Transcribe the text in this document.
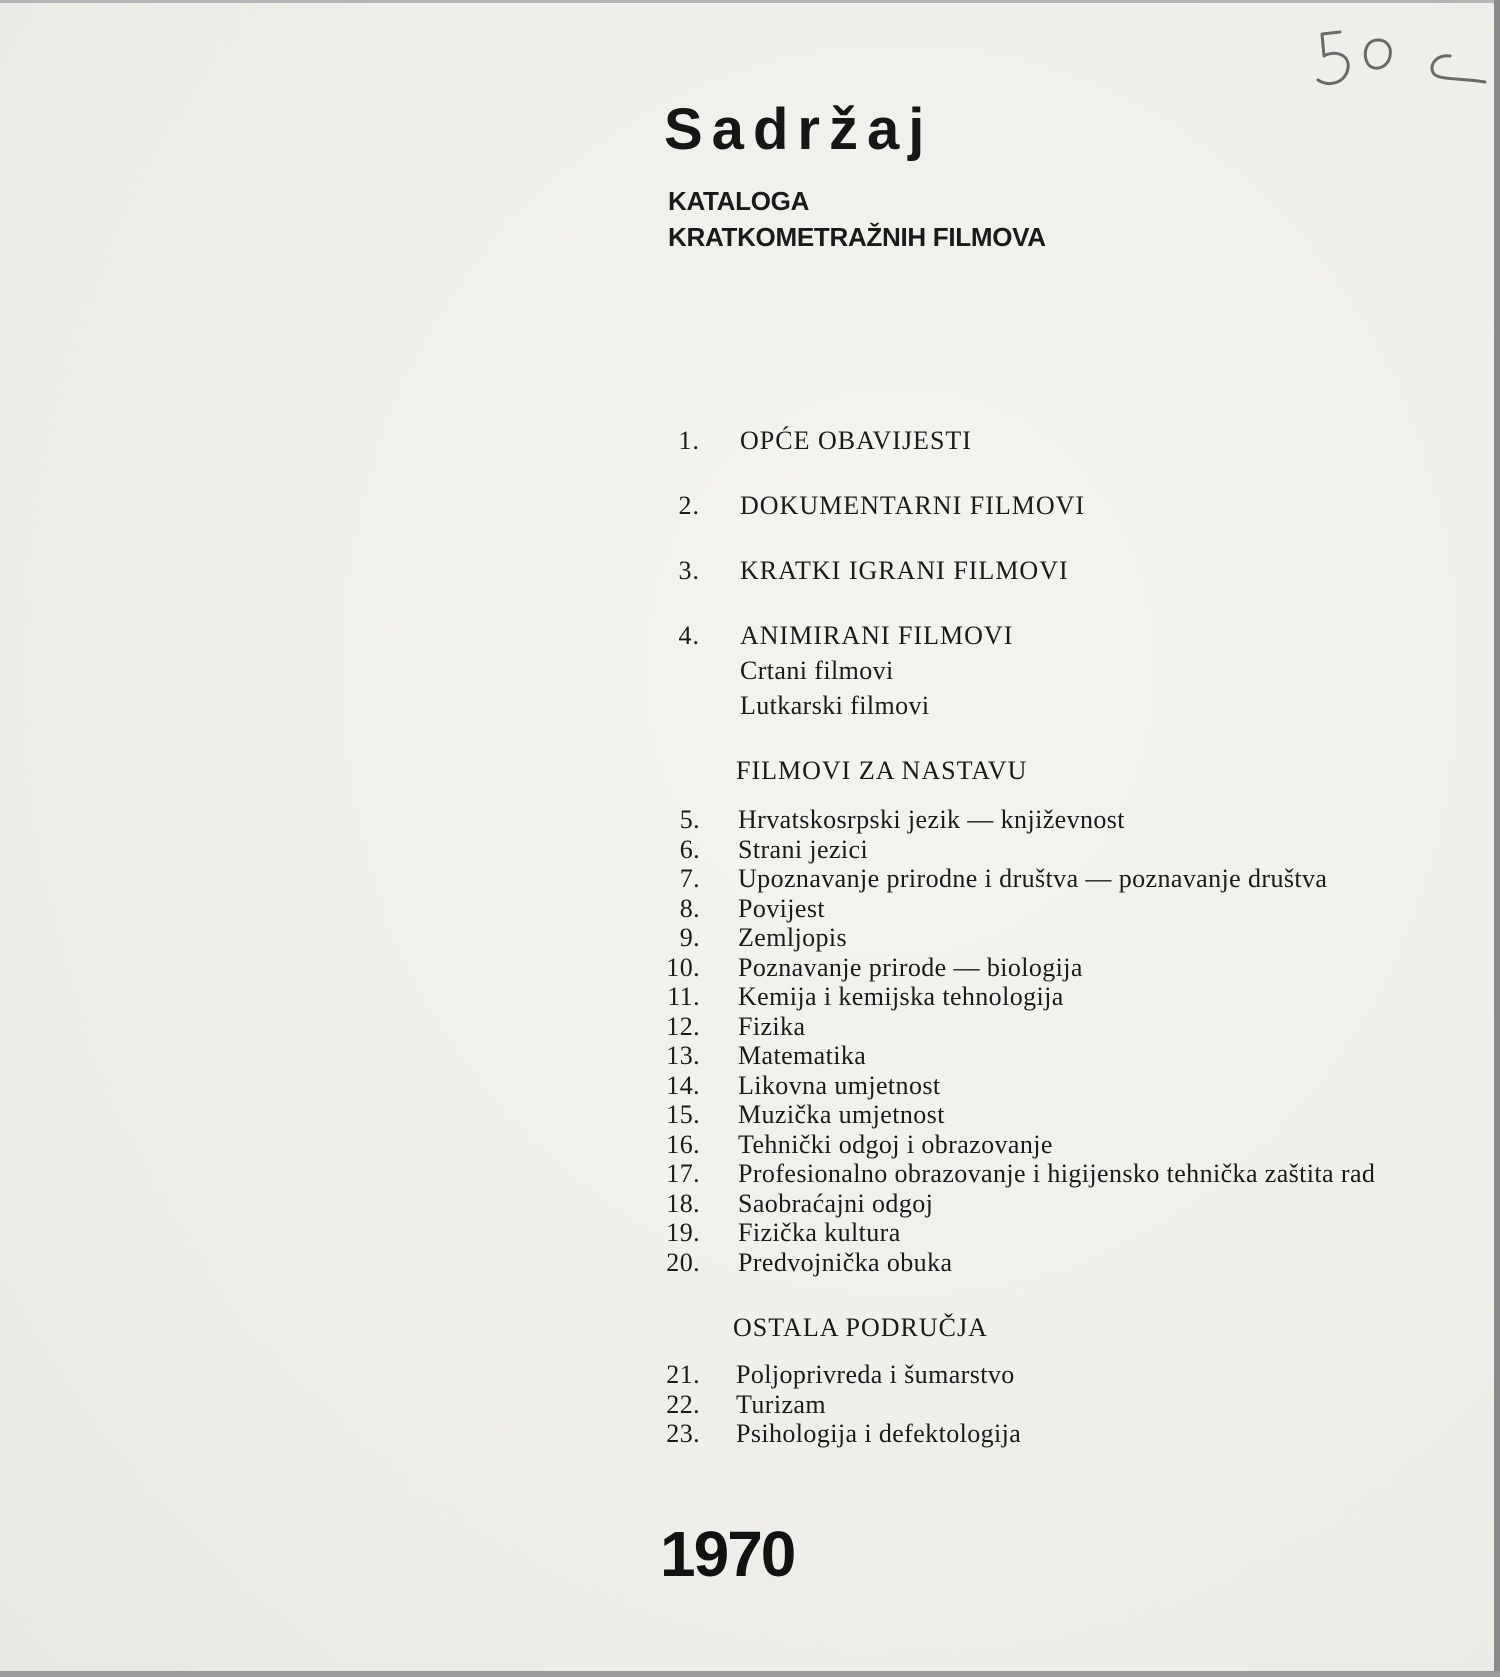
Sadržaj
KATALOGA
KRATKOMETRAŽNIH FILMOVA
1. OPĆE OBAVIJESTI
2. DOKUMENTARNI FILMOVI
3. KRATKI IGRANI FILMOVI
4. ANIMIRANI FILMOVI
Crtani filmovi
Lutkarski filmovi
FILMOVI ZA NASTAVU
5. Hrvatskosrpski jezik — književnost
6. Strani jezici
7. Upoznavanje prirodne i društva — poznavanje društva
8. Povijest
9. Zemljopis
10. Poznavanje prirode — biologija
11. Kemija i kemijska tehnologija
12. Fizika
13. Matematika
14. Likovna umjetnost
15. Muzička umjetnost
16. Tehnički odgoj i obrazovanje
17. Profesionalno obrazovanje i higijensko tehnička zaštita rad
18. Saobraćajni odgoj
19. Fizička kultura
20. Predvojnička obuka
OSTALA PODRUČJA
21. Poljoprivreda i šumarstvo
22. Turizam
23. Psihologija i defektologija
1970
